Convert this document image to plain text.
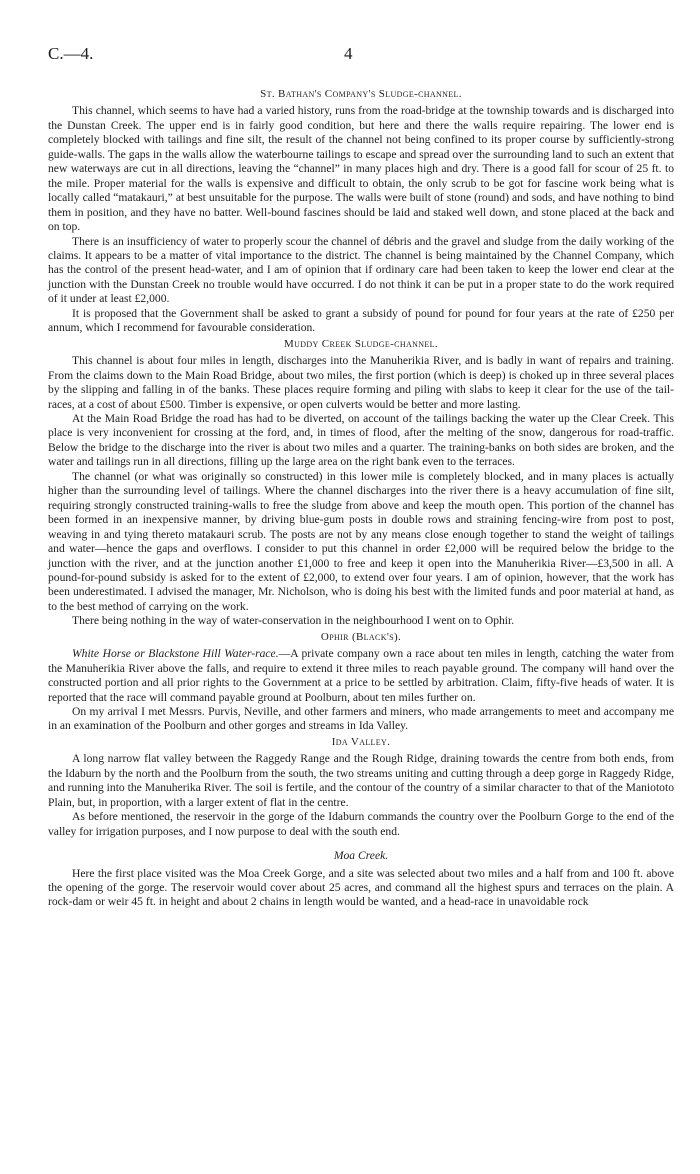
C.—4.	4
St. Bathan's Company's Sludge-channel.

This channel, which seems to have had a varied history, runs from the road-bridge at the township towards and is discharged into the Dunstan Creek. The upper end is in fairly good condition, but here and there the walls require repairing. The lower end is completely blocked with tailings and fine silt, the result of the channel not being confined to its proper course by sufficiently-strong guide-walls. The gaps in the walls allow the waterbourne tailings to escape and spread over the surrounding land to such an extent that new waterways are cut in all directions, leaving the “channel” in many places high and dry. There is a good fall for scour of 25 ft. to the mile. Proper material for the walls is expensive and difficult to obtain, the only scrub to be got for fascine work being what is locally called “matakauri,” at best unsuitable for the purpose. The walls were built of stone (round) and sods, and have nothing to bind them in position, and they have no batter. Well-bound fascines should be laid and staked well down, and stone placed at the back and on top.

There is an insufficiency of water to properly scour the channel of débris and the gravel and sludge from the daily working of the claims. It appears to be a matter of vital importance to the district. The channel is being maintained by the Channel Company, which has the control of the present head-water, and I am of opinion that if ordinary care had been taken to keep the lower end clear at the junction with the Dunstan Creek no trouble would have occurred. I do not think it can be put in a proper state to do the work required of it under at least £2,000.

It is proposed that the Government shall be asked to grant a subsidy of pound for pound for four years at the rate of £250 per annum, which I recommend for favourable consideration.

Muddy Creek Sludge-channel.

This channel is about four miles in length, discharges into the Manuherikia River, and is badly in want of repairs and training. From the claims down to the Main Road Bridge, about two miles, the first portion (which is deep) is choked up in three several places by the slipping and falling in of the banks. These places require forming and piling with slabs to keep it clear for the use of the tail-races, at a cost of about £500. Timber is expensive, or open culverts would be better and more lasting.

At the Main Road Bridge the road has had to be diverted, on account of the tailings backing the water up the Clear Creek. This place is very inconvenient for crossing at the ford, and, in times of flood, after the melting of the snow, dangerous for road-traffic. Below the bridge to the discharge into the river is about two miles and a quarter. The training-banks on both sides are broken, and the water and tailings run in all directions, filling up the large area on the right bank even to the terraces.

The channel (or what was originally so constructed) in this lower mile is completely blocked, and in many places is actually higher than the surrounding level of tailings. Where the channel discharges into the river there is a heavy accumulation of fine silt, requiring strongly constructed training-walls to free the sludge from above and keep the mouth open. This portion of the channel has been formed in an inexpensive manner, by driving blue-gum posts in double rows and straining fencing-wire from post to post, weaving in and tying thereto matakauri scrub. The posts are not by any means close enough together to stand the weight of tailings and water—hence the gaps and overflows. I consider to put this channel in order £2,000 will be required below the bridge to the junction with the river, and at the junction another £1,000 to free and keep it open into the Manuherikia River—£3,500 in all. A pound-for-pound subsidy is asked for to the extent of £2,000, to extend over four years. I am of opinion, however, that the work has been underestimated. I advised the manager, Mr. Nicholson, who is doing his best with the limited funds and poor material at hand, as to the best method of carrying on the work.

There being nothing in the way of water-conservation in the neighbourhood I went on to Ophir.

Ophir (Black's).

White Horse or Blackstone Hill Water-race.—A private company own a race about ten miles in length, catching the water from the Manuherikia River above the falls, and require to extend it three miles to reach payable ground. The company will hand over the constructed portion and all prior rights to the Government at a price to be settled by arbitration. Claim, fifty-five heads of water. It is reported that the race will command payable ground at Poolburn, about ten miles further on.

On my arrival I met Messrs. Purvis, Neville, and other farmers and miners, who made arrangements to meet and accompany me in an examination of the Poolburn and other gorges and streams in Ida Valley.

Ida Valley.

A long narrow flat valley between the Raggedy Range and the Rough Ridge, draining towards the centre from both ends, from the Idaburn by the north and the Poolburn from the south, the two streams uniting and cutting through a deep gorge in Raggedy Ridge, and running into the Manuherika River. The soil is fertile, and the contour of the country of a similar character to that of the Maniototo Plain, but, in proportion, with a larger extent of flat in the centre.

As before mentioned, the reservoir in the gorge of the Idaburn commands the country over the Poolburn Gorge to the end of the valley for irrigation purposes, and I now purpose to deal with the south end.

Moa Creek.

Here the first place visited was the Moa Creek Gorge, and a site was selected about two miles and a half from and 100 ft. above the opening of the gorge. The reservoir would cover about 25 acres, and command all the highest spurs and terraces on the plain. A rock-dam or weir 45 ft. in height and about 2 chains in length would be wanted, and a head-race in unavoidable rock
